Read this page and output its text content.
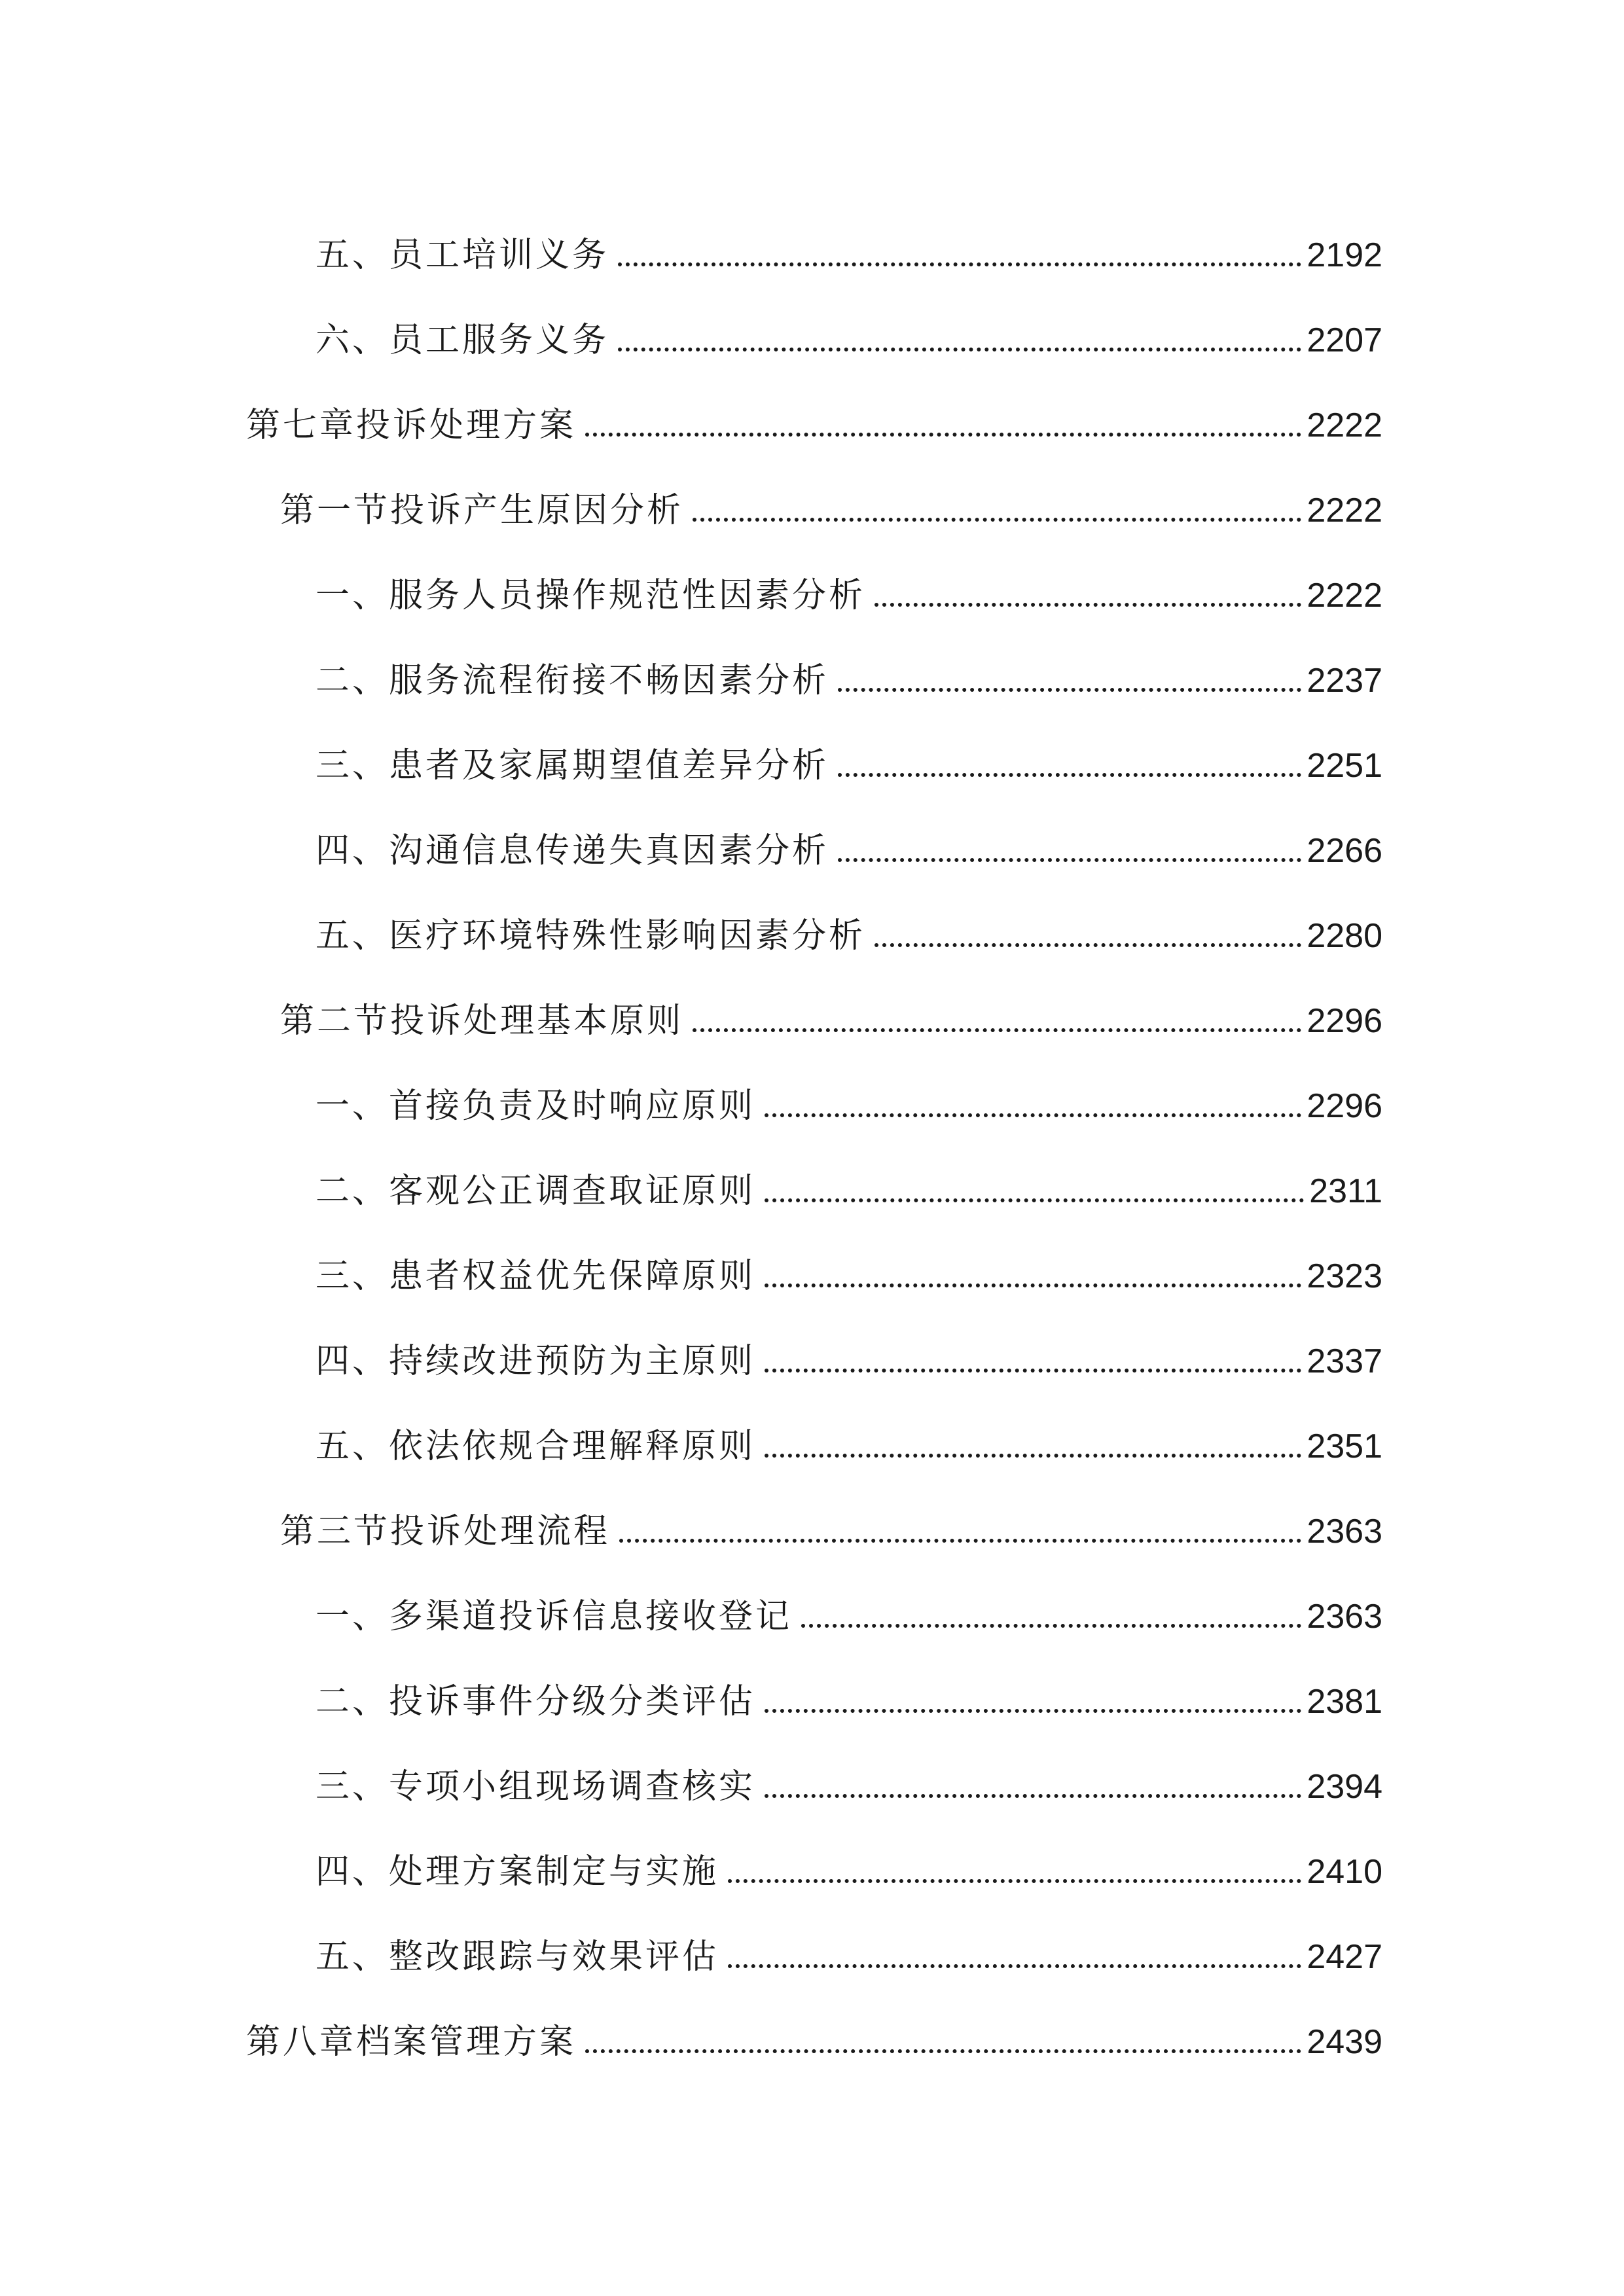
五、员工培训义务	2192
六、员工服务义务	2207
第七章投诉处理方案	2222
第一节投诉产生原因分析	2222
一、服务人员操作规范性因素分析	2222
二、服务流程衔接不畅因素分析	2237
三、患者及家属期望值差异分析	2251
四、沟通信息传递失真因素分析	2266
五、医疗环境特殊性影响因素分析	2280
第二节投诉处理基本原则	2296
一、首接负责及时响应原则	2296
二、客观公正调查取证原则	2311
三、患者权益优先保障原则	2323
四、持续改进预防为主原则	2337
五、依法依规合理解释原则	2351
第三节投诉处理流程	2363
一、多渠道投诉信息接收登记	2363
二、投诉事件分级分类评估	2381
三、专项小组现场调查核实	2394
四、处理方案制定与实施	2410
五、整改跟踪与效果评估	2427
第八章档案管理方案	2439
